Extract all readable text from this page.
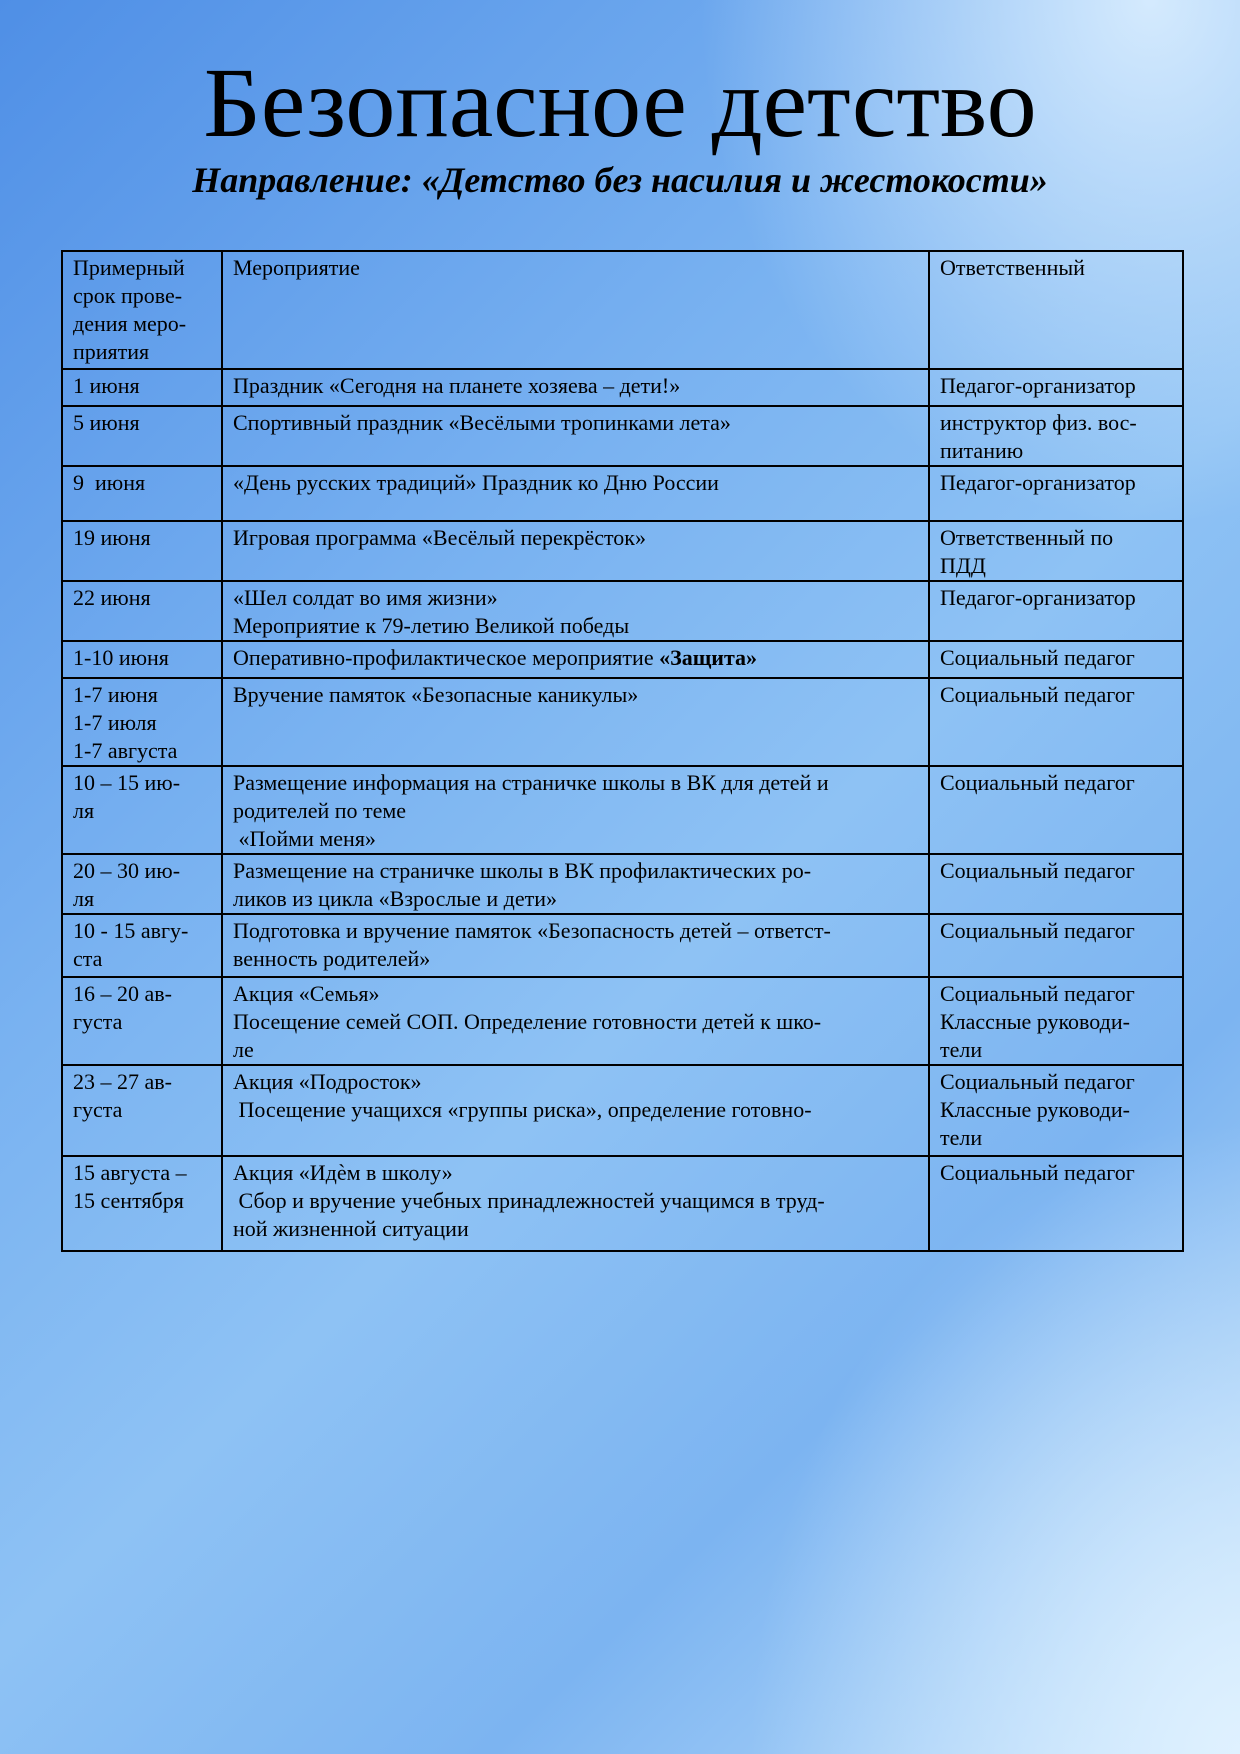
Безопасное детство
Направление: «Детство без насилия и жестокости»
Примерный
срок прове-
дения меро-
приятия	Мероприятие	Ответственный

1 июня	Праздник «Сегодня на планете хозяева – дети!»	Педагог-организатор

5 июня	Спортивный праздник «Весёлыми тропинками лета»	инструктор физ. вос-
питанию

9  июня	«День русских традиций» Праздник ко Дню России	Педагог-организатор

19 июня	Игровая программа «Весёлый перекрёсток»	Ответственный по
ПДД

22 июня	«Шел солдат во имя жизни»
Мероприятие к 79-летию Великой победы	Педагог-организатор

1-10 июня	Оперативно-профилактическое мероприятие «Защита»	Социальный педагог

1-7 июня
1-7 июля
1-7 августа	Вручение памяток «Безопасные каникулы»	Социальный педагог

10 – 15 ию-
ля	Размещение информация на страничке школы в ВК для детей и
родителей по теме
«Пойми меня»	Социальный педагог

20 – 30 ию-
ля	Размещение на страничке школы в ВК профилактических ро-
ликов из цикла «Взрослые и дети»	Социальный педагог

10 - 15 авгу-
ста	Подготовка и вручение памяток «Безопасность детей – ответст-
венность родителей»	Социальный педагог

16 – 20 ав-
густа	Акция «Семья»
Посещение семей СОП. Определение готовности детей к шко-
ле	Социальный педагог
Классные руководи-
тели

23 – 27 ав-
густа	Акция «Подросток»
Посещение учащихся «группы риска», определение готовно-	Социальный педагог
Классные руководи-
тели

15 августа –
15 сентября	Акция «Идѐм в школу»
Сбор и вручение учебных принадлежностей учащимся в труд-
ной жизненной ситуации	Социальный педагог
